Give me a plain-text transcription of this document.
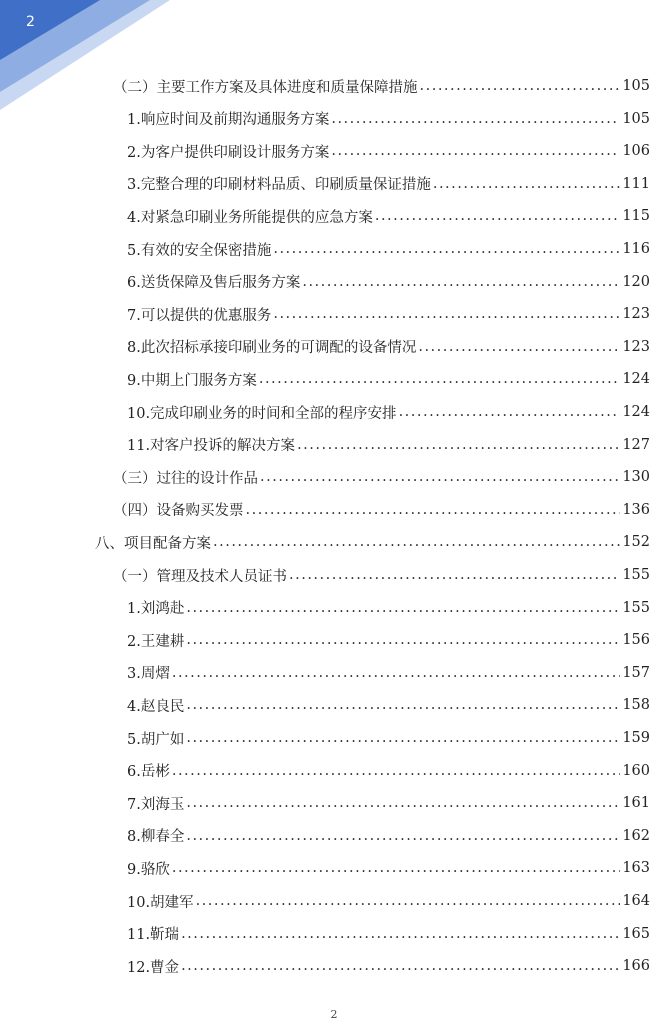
2
（二）主要工作方案及具体进度和质量保障措施 .....	105
1.响应时间及前期沟通服务方案 .....	105
2.为客户提供印刷设计服务方案 .....	106
3.完整合理的印刷材料品质、印刷质量保证措施 .....	111
4.对紧急印刷业务所能提供的应急方案 .....	115
5.有效的安全保密措施 .....	116
6.送货保障及售后服务方案 .....	120
7.可以提供的优惠服务 .....	123
8.此次招标承接印刷业务的可调配的设备情况 .....	123
9.中期上门服务方案 .....	124
10.完成印刷业务的时间和全部的程序安排 .....	124
11.对客户投诉的解决方案 .....	127
（三）过往的设计作品 .....	130
（四）设备购买发票 .....	136
八、项目配备方案 .....	152
（一）管理及技术人员证书 .....	155
1.刘鸿赴 .....	155
2.王建耕 .....	156
3.周熠 .....	157
4.赵良民 .....	158
5.胡广如 .....	159
6.岳彬 .....	160
7.刘海玉 .....	161
8.柳春全 .....	162
9.骆欣 .....	163
10.胡建军 .....	164
11.靳瑞 .....	165
12.曹金 .....	166
2
